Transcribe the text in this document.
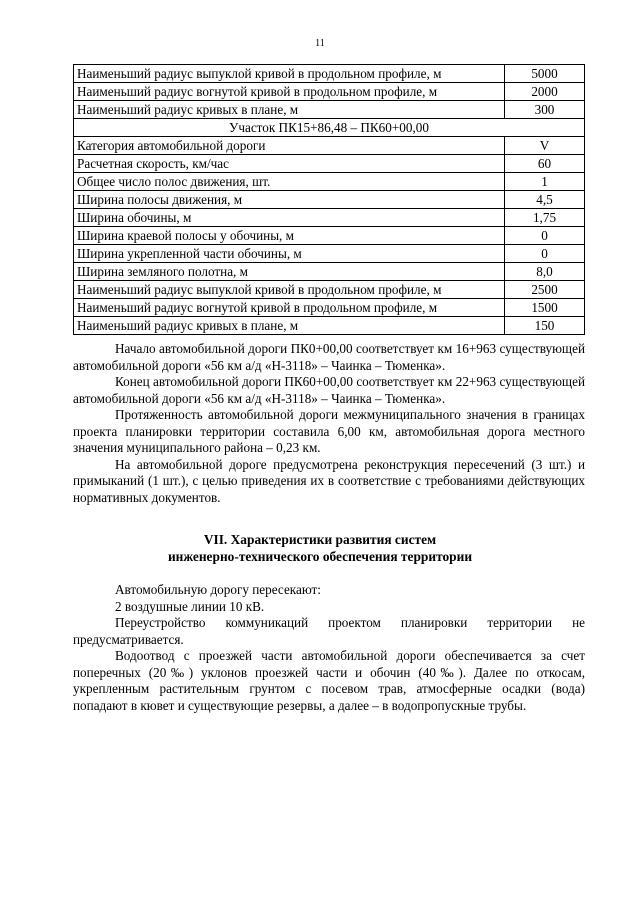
11
Наименьший радиус выпуклой кривой в продольном профиле, м	5000
Наименьший радиус вогнутой кривой в продольном профиле, м	2000
Наименьший радиус кривых в плане, м	300
Участок ПК15+86,48 – ПК60+00,00	
Категория автомобильной дороги	V
Расчетная скорость, км/час	60
Общее число полос движения, шт.	1
Ширина полосы движения, м	4,5
Ширина обочины, м	1,75
Ширина краевой полосы у обочины, м	0
Ширина укрепленной части обочины, м	0
Ширина земляного полотна, м	8,0
Наименьший радиус выпуклой кривой в продольном профиле, м	2500
Наименьший радиус вогнутой кривой в продольном профиле, м	1500
Наименьший радиус кривых в плане, м	150

Начало автомобильной дороги ПК0+00,00 соответствует км 16+963 существующей автомобильной дороги «56 км а/д «Н-3118» – Чаинка – Тюменка».

Конец автомобильной дороги ПК60+00,00 соответствует км 22+963 существующей автомобильной дороги «56 км а/д «Н-3118» – Чаинка – Тюменка».

Протяженность автомобильной дороги межмуниципального значения в границах проекта планировки территории составила 6,00 км, автомобильная дорога местного значения муниципального района – 0,23 км.

На автомобильной дороге предусмотрена реконструкция пересечений (3 шт.) и примыканий (1 шт.), с целью приведения их в соответствие с требованиями действующих нормативных документов.

VII. Характеристики развития систем
инженерно-технического обеспечения территории

Автомобильную дорогу пересекают:

2 воздушные линии 10 кВ.

Переустройство коммуникаций проектом планировки территории не предусматривается.

Водоотвод с проезжей части автомобильной дороги обеспечивается за счет поперечных (20‰) уклонов проезжей части и обочин (40‰). Далее по откосам, укрепленным растительным грунтом с посевом трав, атмосферные осадки (вода) попадают в кювет и существующие резервы, а далее – в водопропускные трубы.
